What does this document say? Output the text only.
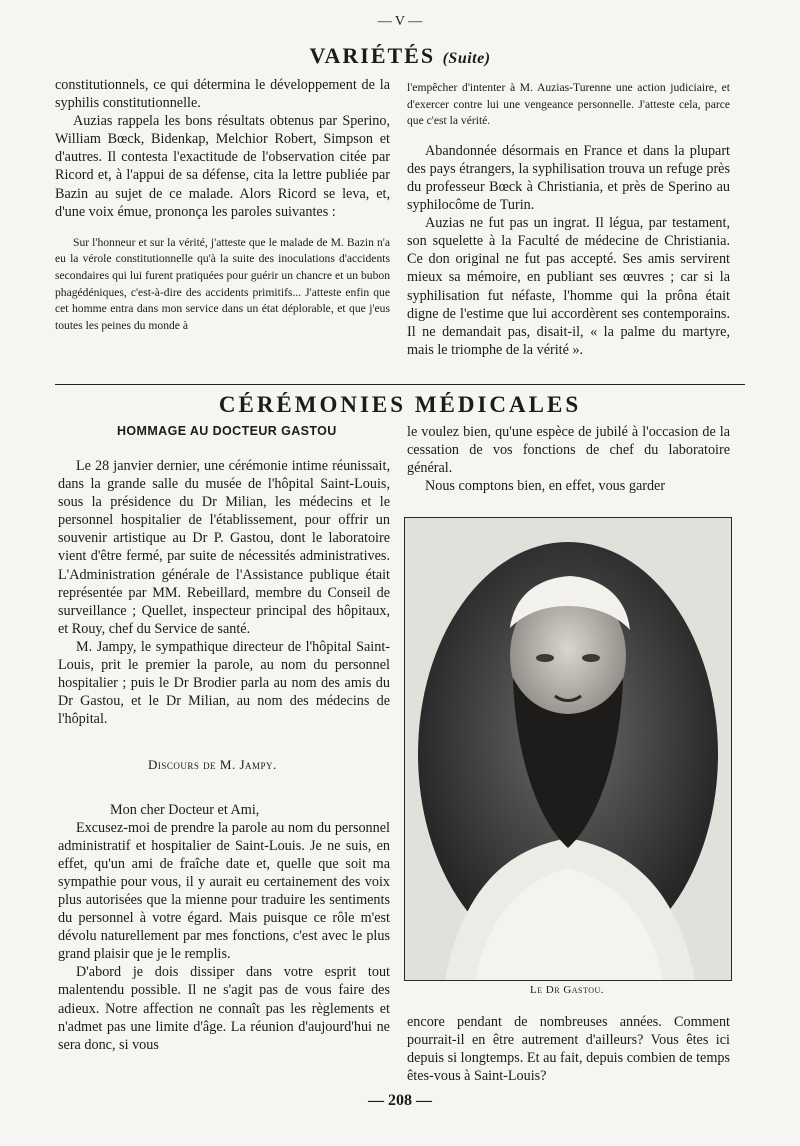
— V —
VARIÉTÉS (Suite)

constitutionnels, ce qui détermina le développement de la syphilis constitutionnelle.

Auzias rappela les bons résultats obtenus par Sperino, William Bœck, Bidenkap, Melchior Robert, Simpson et d'autres. Il contesta l'exactitude de l'observation citée par Ricord et, à l'appui de sa défense, cita la lettre publiée par Bazin au sujet de ce malade. Alors Ricord se leva, et, d'une voix émue, prononça les paroles suivantes :

Sur l'honneur et sur la vérité, j'atteste que le malade de M. Bazin n'a eu la vérole constitutionnelle qu'à la suite des inoculations d'accidents secondaires qui lui furent pratiquées pour guérir un chancre et un bubon phagédéniques, c'est-à-dire des accidents primitifs... J'atteste enfin que cet homme entra dans mon service dans un état déplorable, et que j'eus toutes les peines du monde à

l'empêcher d'intenter à M. Auzias-Turenne une action judiciaire, et d'exercer contre lui une vengeance personnelle. J'atteste cela, parce que c'est la vérité.

Abandonnée désormais en France et dans la plupart des pays étrangers, la syphilisation trouva un refuge près du professeur Bœck à Christiania, et près de Sperino au syphilocôme de Turin.

Auzias ne fut pas un ingrat. Il légua, par testament, son squelette à la Faculté de médecine de Christiania. Ce don original ne fut pas accepté. Ses amis servirent mieux sa mémoire, en publiant ses œuvres ; car si la syphilisation fut néfaste, l'homme qui la prôna était digne de l'estime que lui accordèrent ses contemporains. Il ne demandait pas, disait-il, « la palme du martyre, mais le triomphe de la vérité ».

CÉRÉMONIES MÉDICALES
HOMMAGE AU DOCTEUR GASTOU

Le 28 janvier dernier, une cérémonie intime réunissait, dans la grande salle du musée de l'hôpital Saint-Louis, sous la présidence du Dr Milian, les médecins et le personnel hospitalier de l'établissement, pour offrir un souvenir artistique au Dr P. Gastou, dont le laboratoire vient d'être fermé, par suite de nécessités administratives. L'Administration générale de l'Assistance publique était représentée par MM. Rebeillard, membre du Conseil de surveillance ; Quellet, inspecteur principal des hôpitaux, et Rouy, chef du Service de santé.

M. Jampy, le sympathique directeur de l'hôpital Saint-Louis, prit le premier la parole, au nom du personnel hospitalier ; puis le Dr Brodier parla au nom des amis du Dr Gastou, et le Dr Milian, au nom des médecins de l'hôpital.

Discours de M. Jampy.

Mon cher Docteur et Ami,

Excusez-moi de prendre la parole au nom du personnel administratif et hospitalier de Saint-Louis. Je ne suis, en effet, qu'un ami de fraîche date et, quelle que soit ma sympathie pour vous, il y aurait eu certainement des voix plus autorisées que la mienne pour traduire les sentiments du personnel à votre égard. Mais puisque ce rôle m'est dévolu naturellement par mes fonctions, c'est avec le plus grand plaisir que je le remplis.

D'abord je dois dissiper dans votre esprit tout malentendu possible. Il ne s'agit pas de vous faire des adieux. Notre affection ne connaît pas les règlements et n'admet pas une limite d'âge. La réunion d'aujourd'hui ne sera donc, si vous

le voulez bien, qu'une espèce de jubilé à l'occasion de la cessation de vos fonctions de chef du laboratoire général.

Nous comptons bien, en effet, vous garder

Le Dr Gastou.

encore pendant de nombreuses années. Comment pourrait-il en être autrement d'ailleurs? Vous êtes ici depuis si longtemps. Et au fait, depuis combien de temps êtes-vous à Saint-Louis?

— 208 —
